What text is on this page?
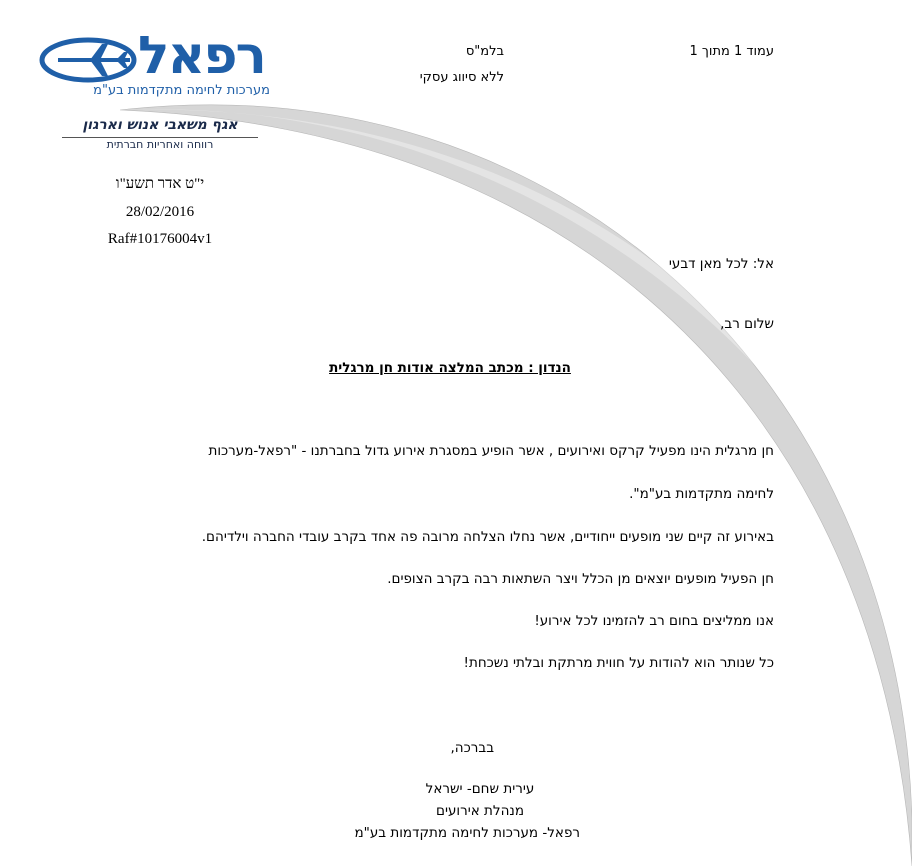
רפאל
מערכות לחימה מתקדמות בע"מ
אגף משאבי אנוש וארגון
רווחה ואחריות חברתית
עמוד 1 מתוך 1
בלמ"ס
ללא סיווג עסקי
י"ט אדר תשע"ו
28/02/2016
Raf#10176004v1
אל: לכל מאן דבעי
שלום רב,
הנדון : מכתב המלצה אודות חן מרגלית
חן מרגלית הינו מפעיל קרקס ואירועים , אשר הופיע במסגרת אירוע גדול בחברתנו - "רפאל-מערכות
לחימה מתקדמות בע"מ".
באירוע זה קיים שני מופעים ייחודיים, אשר נחלו הצלחה מרובה פה אחד בקרב עובדי החברה וילדיהם.
חן הפעיל מופעים יוצאים מן הכלל ויצר השתאות רבה בקרב הצופים.
אנו ממליצים בחום רב להזמינו לכל אירוע!
כל שנותר הוא להודות על חווית מרתקת ובלתי נשכחת!
בברכה,
עירית שחם- ישראל
מנהלת אירועים
רפאל- מערכות לחימה מתקדמות בע"מ
